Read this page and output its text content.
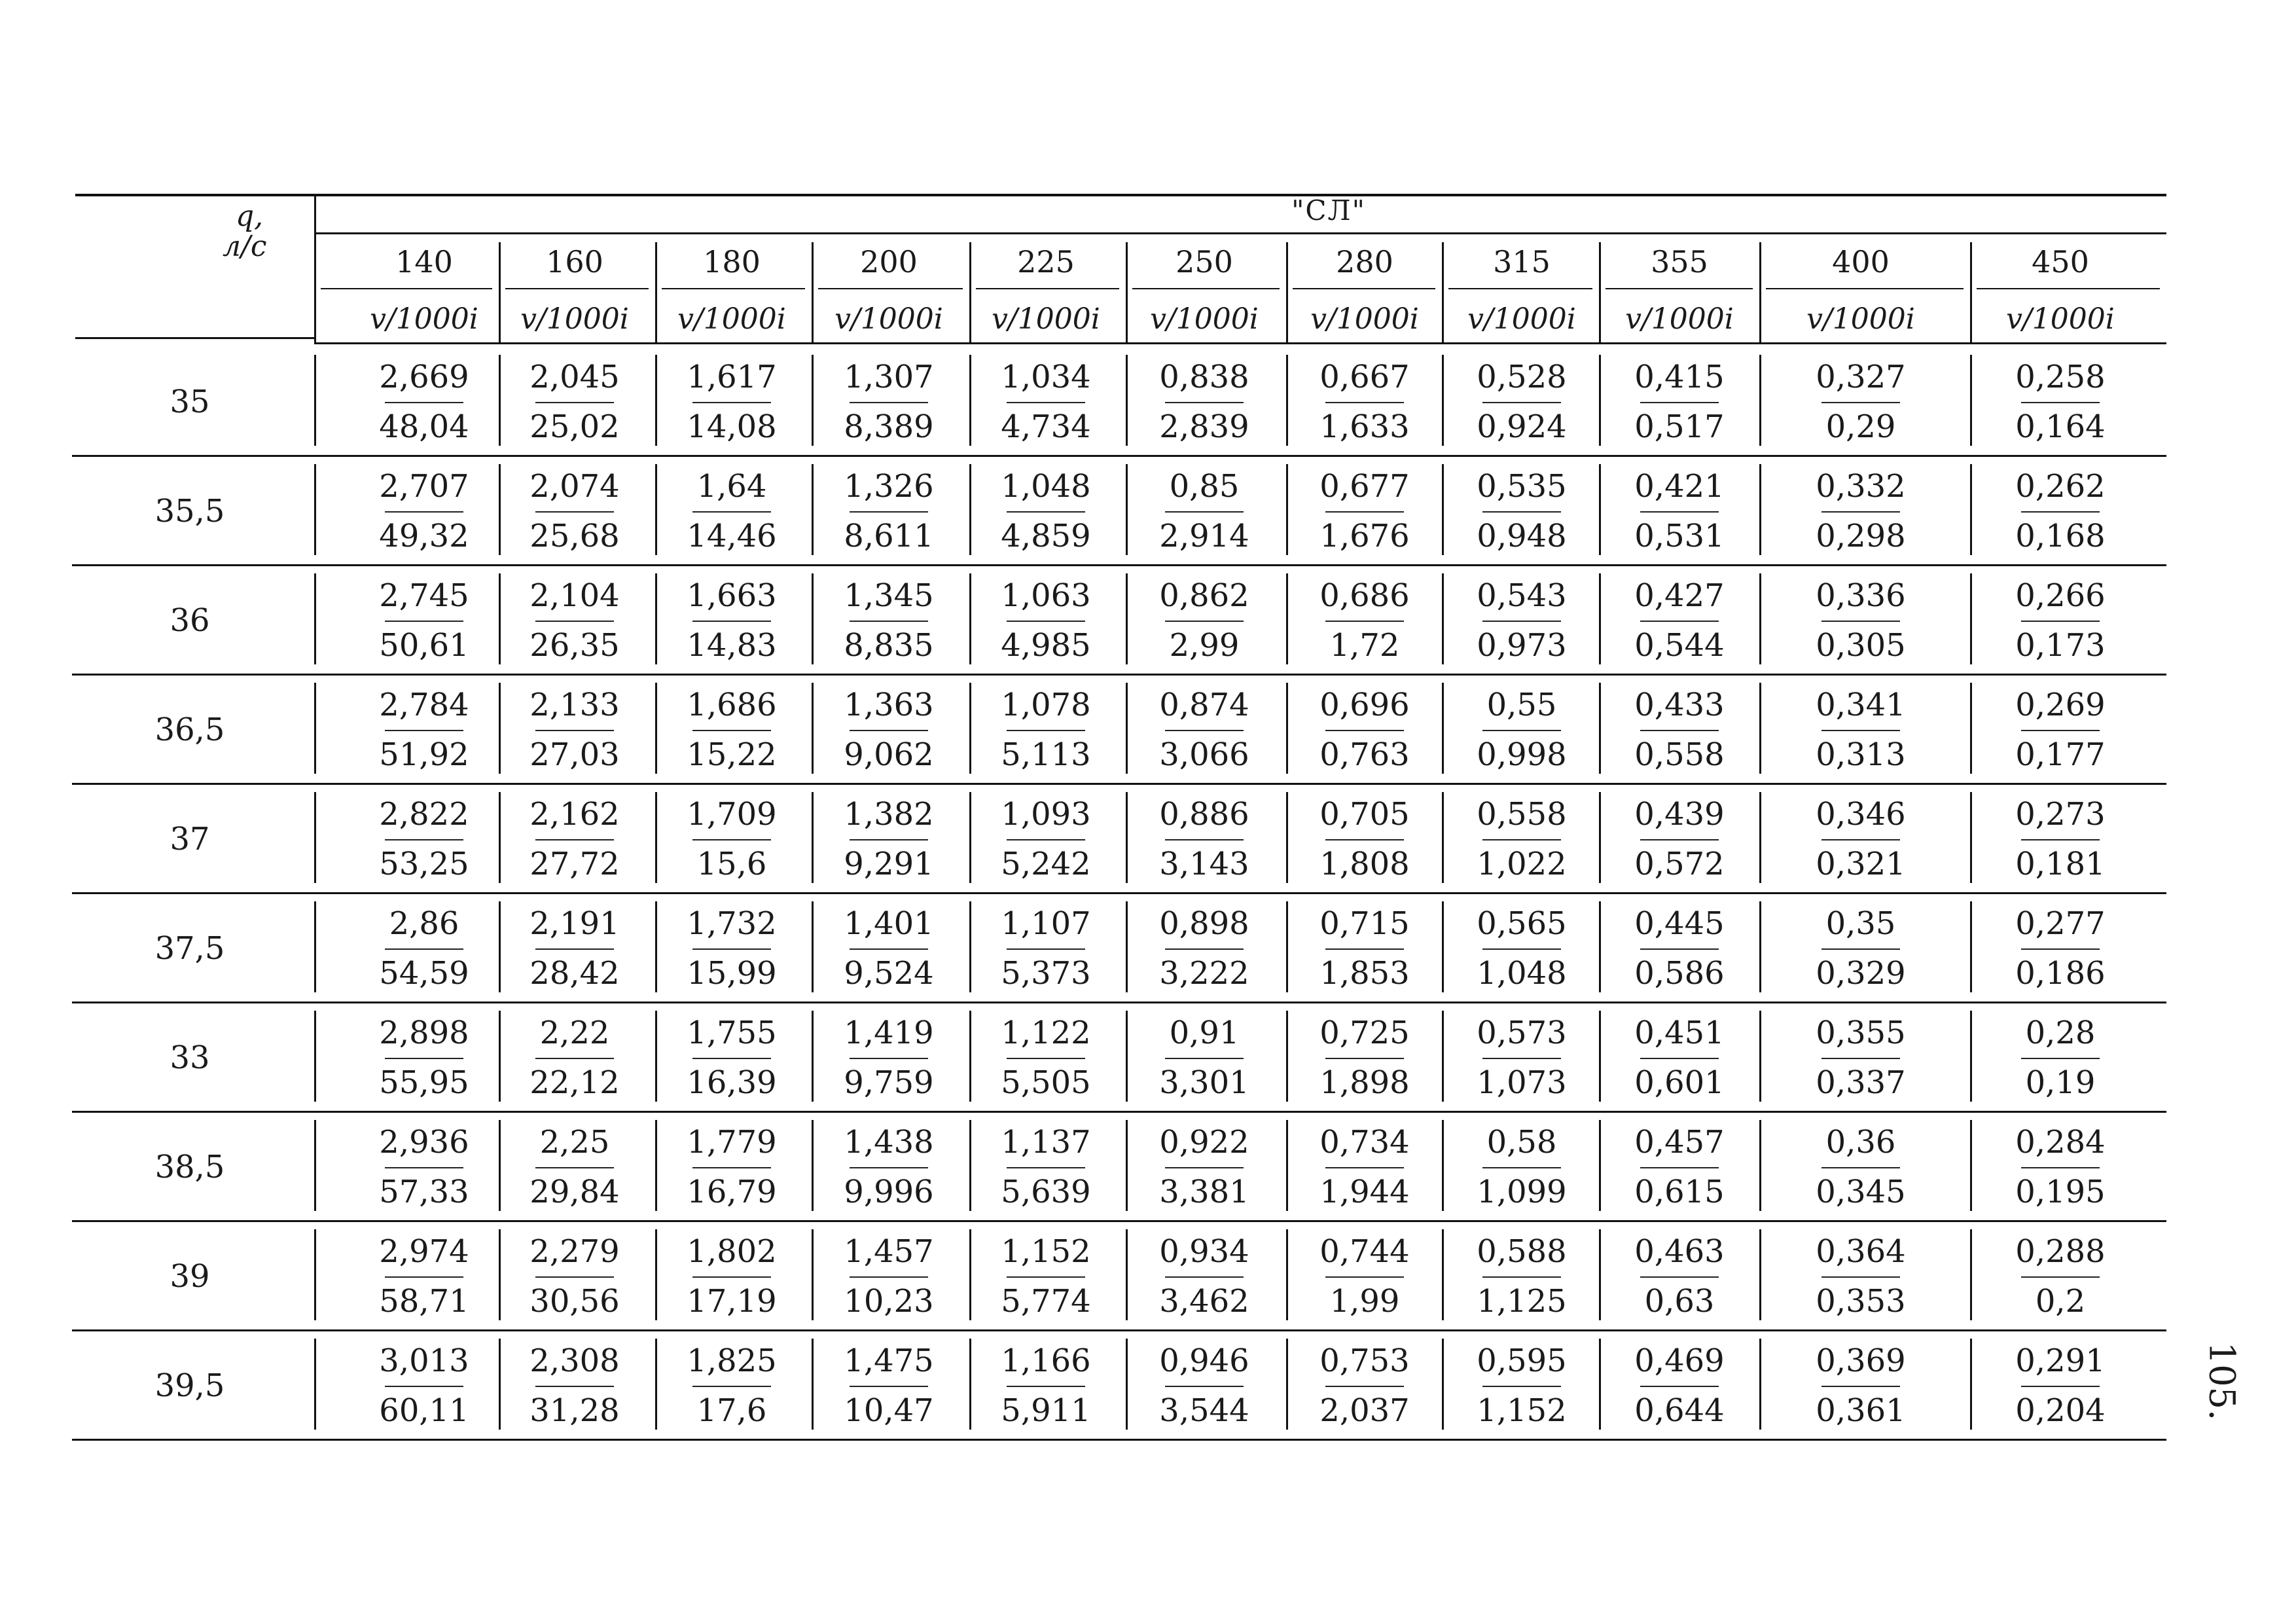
q,
л/с
"СЛ"
105.
140
v/1000i
160
v/1000i
180
v/1000i
200
v/1000i
225
v/1000i
250
v/1000i
280
v/1000i
315
v/1000i
355
v/1000i
400
v/1000i
450
v/1000i
35
2,669
48,04
2,045
25,02
1,617
14,08
1,307
8,389
1,034
4,734
0,838
2,839
0,667
1,633
0,528
0,924
0,415
0,517
0,327
0,29
0,258
0,164
35,5
2,707
49,32
2,074
25,68
1,64
14,46
1,326
8,611
1,048
4,859
0,85
2,914
0,677
1,676
0,535
0,948
0,421
0,531
0,332
0,298
0,262
0,168
36
2,745
50,61
2,104
26,35
1,663
14,83
1,345
8,835
1,063
4,985
0,862
2,99
0,686
1,72
0,543
0,973
0,427
0,544
0,336
0,305
0,266
0,173
36,5
2,784
51,92
2,133
27,03
1,686
15,22
1,363
9,062
1,078
5,113
0,874
3,066
0,696
0,763
0,55
0,998
0,433
0,558
0,341
0,313
0,269
0,177
37
2,822
53,25
2,162
27,72
1,709
15,6
1,382
9,291
1,093
5,242
0,886
3,143
0,705
1,808
0,558
1,022
0,439
0,572
0,346
0,321
0,273
0,181
37,5
2,86
54,59
2,191
28,42
1,732
15,99
1,401
9,524
1,107
5,373
0,898
3,222
0,715
1,853
0,565
1,048
0,445
0,586
0,35
0,329
0,277
0,186
33
2,898
55,95
2,22
22,12
1,755
16,39
1,419
9,759
1,122
5,505
0,91
3,301
0,725
1,898
0,573
1,073
0,451
0,601
0,355
0,337
0,28
0,19
38,5
2,936
57,33
2,25
29,84
1,779
16,79
1,438
9,996
1,137
5,639
0,922
3,381
0,734
1,944
0,58
1,099
0,457
0,615
0,36
0,345
0,284
0,195
39
2,974
58,71
2,279
30,56
1,802
17,19
1,457
10,23
1,152
5,774
0,934
3,462
0,744
1,99
0,588
1,125
0,463
0,63
0,364
0,353
0,288
0,2
39,5
3,013
60,11
2,308
31,28
1,825
17,6
1,475
10,47
1,166
5,911
0,946
3,544
0,753
2,037
0,595
1,152
0,469
0,644
0,369
0,361
0,291
0,204
